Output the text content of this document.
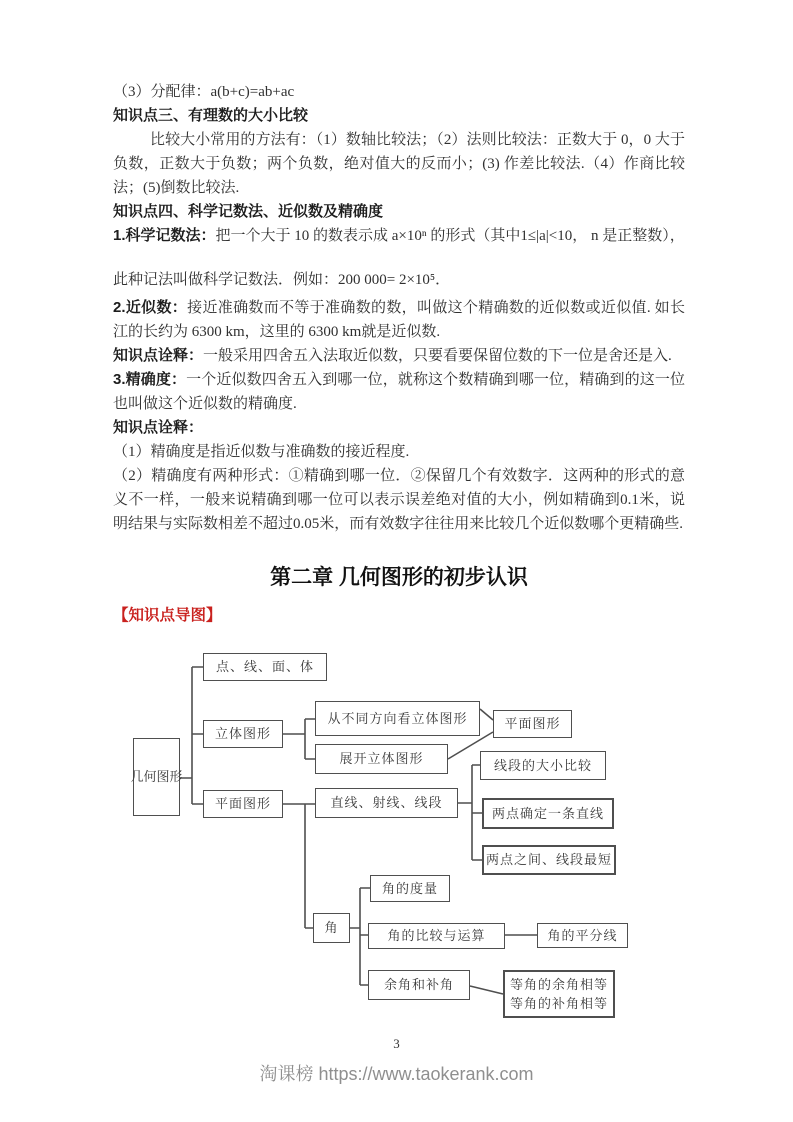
（3）分配律：a(b+c)=ab+ac

知识点三、有理数的大小比较

比较大小常用的方法有：（1）数轴比较法；（2）法则比较法：正数大于 0，0 大于负数，正数大于负数；两个负数，绝对值大的反而小；(3) 作差比较法.（4）作商比较法；(5)倒数比较法.

知识点四、科学记数法、近似数及精确度

1.科学记数法：把一个大于 10 的数表示成 a×10ⁿ 的形式（其中1≤|a|<10， n 是正整数），

此种记法叫做科学记数法．例如：200 000= 2×10⁵．

2.近似数：接近准确数而不等于准确数的数，叫做这个精确数的近似数或近似值. 如长江的长约为 6300 km，这里的 6300 km就是近似数.

知识点诠释：一般采用四舍五入法取近似数，只要看要保留位数的下一位是舍还是入.

3.精确度：一个近似数四舍五入到哪一位，就称这个数精确到哪一位，精确到的这一位也叫做这个近似数的精确度.

知识点诠释：

（1）精确度是指近似数与准确数的接近程度.

（2）精确度有两种形式：①精确到哪一位．②保留几个有效数字．这两种的形式的意义不一样，一般来说精确到哪一位可以表示误差绝对值的大小，例如精确到0.1米，说明结果与实际数相差不超过0.05米，而有效数字往往用来比较几个近似数哪个更精确些.

第二章 几何图形的初步认识

【知识点导图】

几何图形
点、线、面、体
立体图形
平面图形
从不同方向看立体图形
展开立体图形
平面图形
直线、射线、线段
线段的大小比较
两点确定一条直线
两点之间、线段最短
角
角的度量
角的比较与运算	角的平分线
余角和补角	等角的余角相等
等角的补角相等
3
淘课榜 https://www.taokerank.com
